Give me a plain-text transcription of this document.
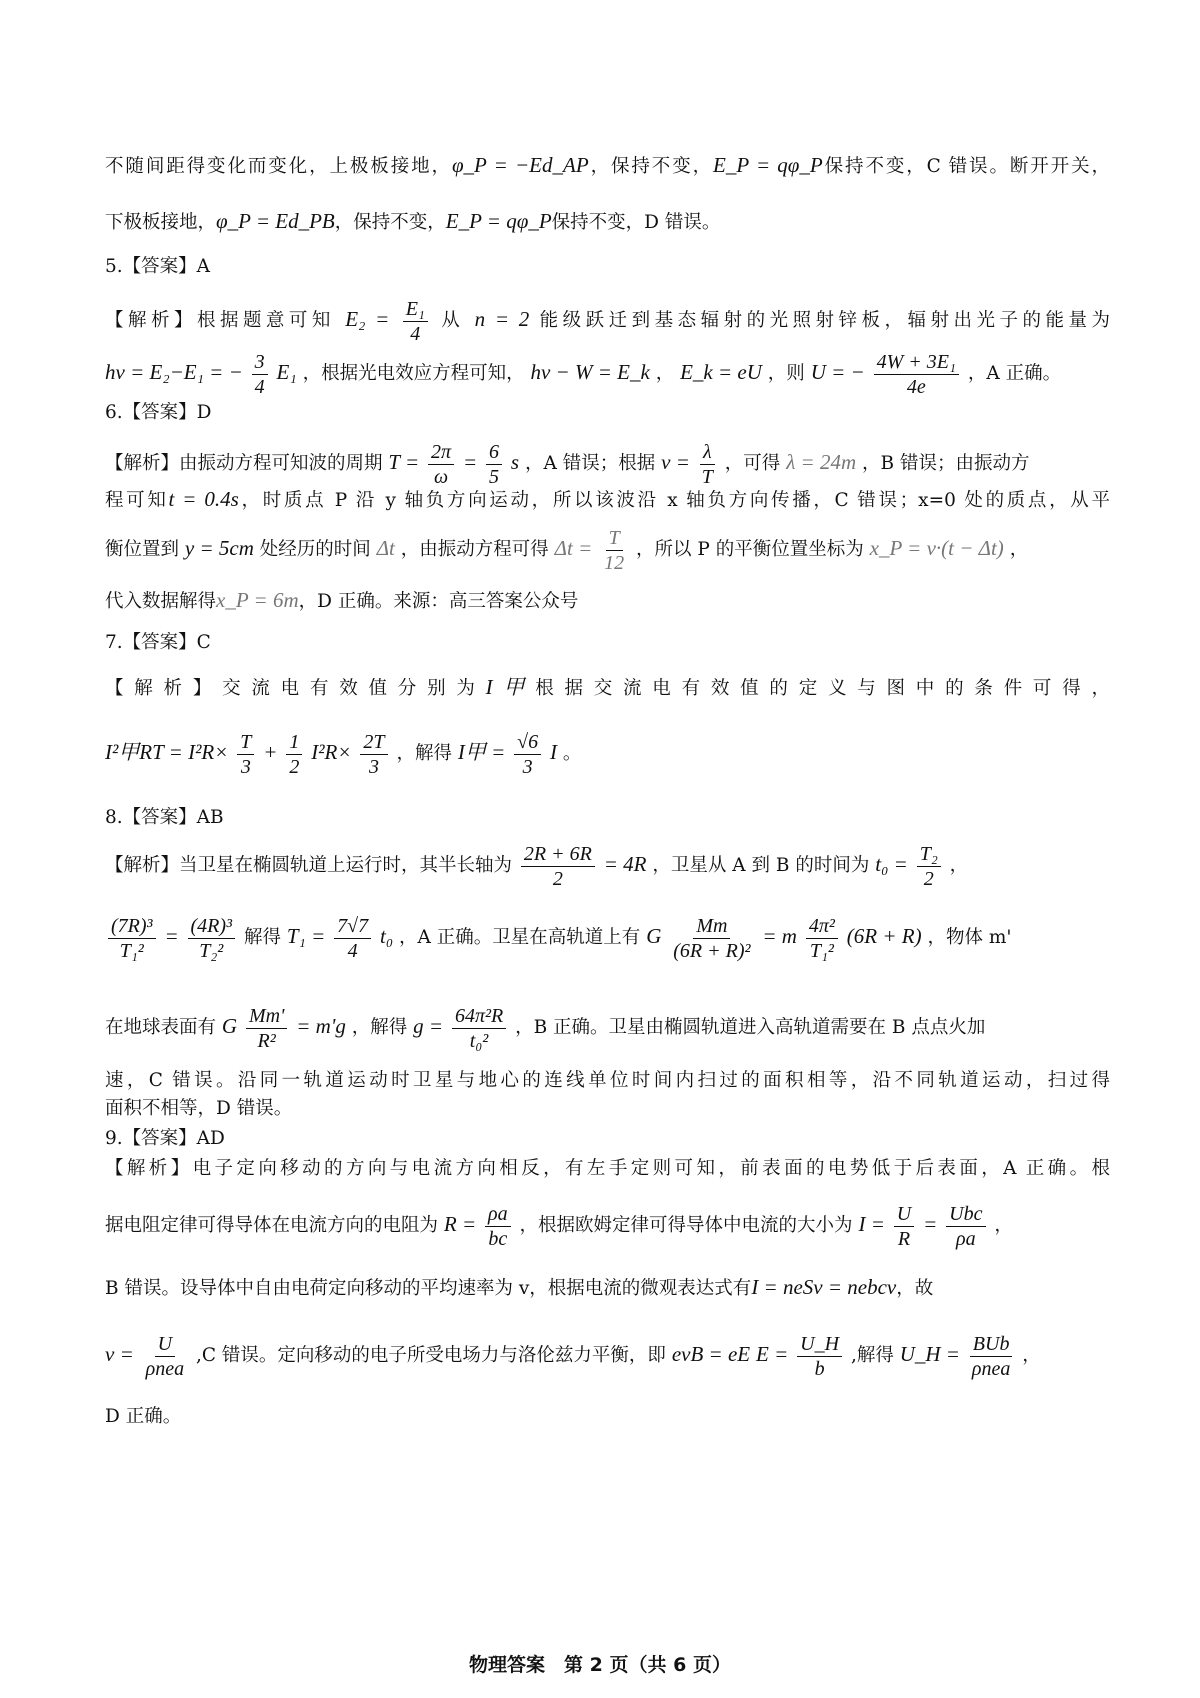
不随间距得变化而变化，上极板接地，φ_P = −Ed_AP，保持不变，E_P = qφ_P保持不变，C 错误。断开开关，
下极板接地，φ_P = Ed_PB，保持不变，E_P = qφ_P保持不变，D 错误。
5.【答案】A
【解析】根据题意可知 $E_2 = \frac{\text{E₁}}{4}$ 从 n = 2 能级跃迁到基态辐射的光照射锌板，辐射出光子的能量为
hν = E₂−E₁ = − $\frac{3}{4} E_1$ ，根据光电效应方程可知， hν − W = E_k ， E_k = eU ，则 U = − $\frac{\text{4W + 3E₁}}{4e}$ ，A 正确。
6.【答案】D
【解析】由振动方程可知波的周期 $T = \frac{2\pi}{\omega} = \frac{6}{5}$ s ，A 错误；根据 $v = \frac{\lambda}{T}$ ，可得 λ = 24m ，B 错误；由振动方
程可知t = 0.4s，时质点 P 沿 y 轴负方向运动，所以该波沿 x 轴负方向传播，C 错误；x=0 处的质点，从平
衡位置到 y = 5cm 处经历的时间 Δt ，由振动方程可得 $\Delta t = \frac{T}{12}$ ，所以 P 的平衡位置坐标为 x_P = v·(t − Δt) ，
代入数据解得x_P = 6m，D 正确。来源：高三答案公众号
7.【答案】C
【解析】交流电有效值分别为I甲根据交流电有效值的定义与图中的条件可得，
I²甲RT = $I^2R\times \frac{T}{3} + \frac{1}{2} I^2R\times \frac{2T}{3}$ ，解得 I甲 = $\frac{√6}{3}$ I 。
8.【答案】AB
【解析】当卫星在椭圆轨道上运行时，其半长轴为 $\frac{2R + 6R}{2} = 4R$ ，卫星从 A 到 B 的时间为 $t_0 = \frac{\text{T₂}}{2}$ ，
$\frac{\text{(7R)³}}{\text{T₁²}} = \frac{\text{(4R)³}}{\text{T₂²}}$ 解得 $T_1 = \frac{7√7}{4} t_0$ ，A 正确。卫星在高轨道上有 G $\frac{Mm}{\text{(6R + R)²}} = m \frac{\text{4π²}}{\text{T₁²}} (6R + R)$ ，物体 m'
在地球表面有 G $\frac{Mm'}{\text{R²}} = m'g$ ，解得 $g = \frac{\text{64π²R}}{\text{t₀²}}$ ，B 正确。卫星由椭圆轨道进入高轨道需要在 B 点点火加
速，C 错误。沿同一轨道运动时卫星与地心的连线单位时间内扫过的面积相等，沿不同轨道运动，扫过得
面积不相等，D 错误。
9.【答案】AD
【解析】电子定向移动的方向与电流方向相反，有左手定则可知，前表面的电势低于后表面，A 正确。根
据电阻定律可得导体在电流方向的电阻为 $R = \frac{\rho a}{bc}$ ，根据欧姆定律可得导体中电流的大小为 $I = \frac{U}{R} = \frac{\text{Ubc}}{\rho a}$ ，
B 错误。设导体中自由电荷定向移动的平均速率为 v，根据电流的微观表达式有I = neSv = nebcv，故
$v = \frac{U}{\text{ρnea}} ,C$ 错误。定向移动的电子所受电场力与洛伦兹力平衡，即 evB = eE $E = \frac{U\_H}{b}$ ,解得 U_H = $\frac{\text{BUb}}{\text{ρnea}}$ ，
D 正确。
物理答案　第 2 页（共 6 页）
